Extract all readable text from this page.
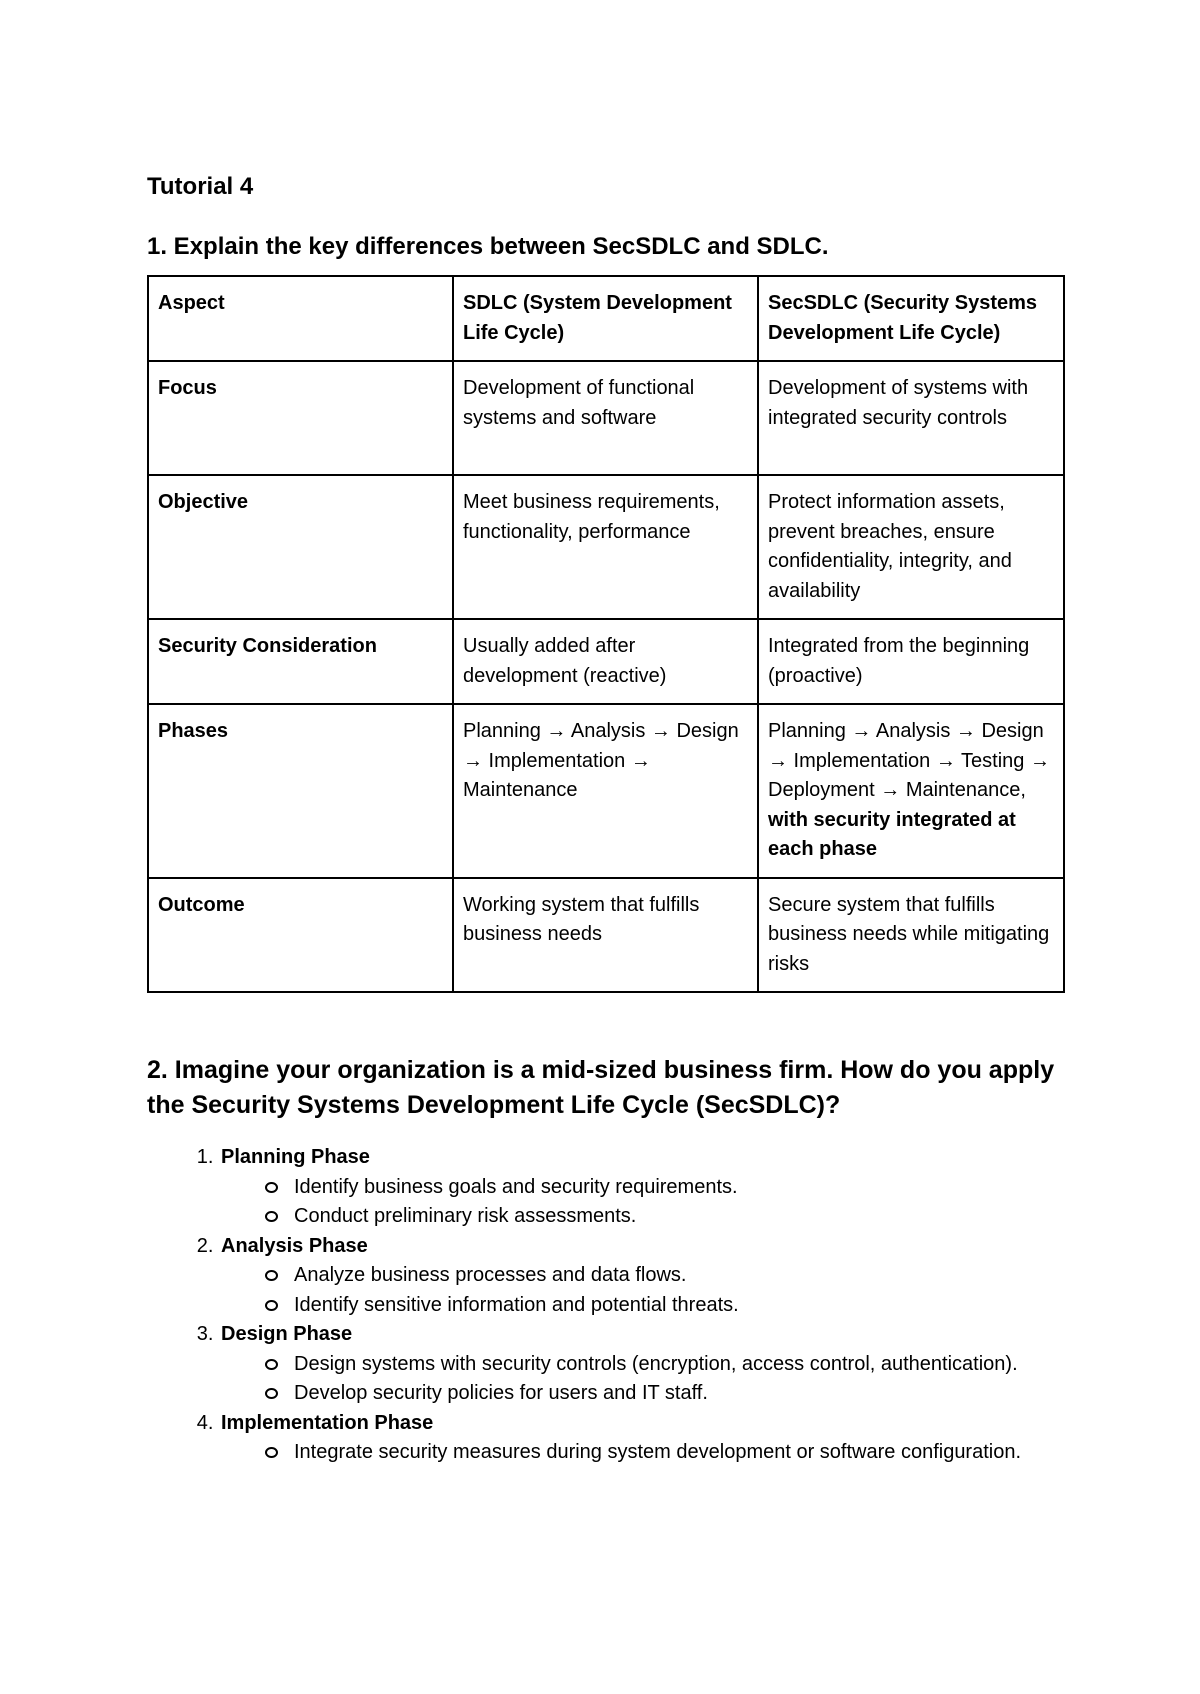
Tutorial 4
1. Explain the key differences between SecSDLC and SDLC.
Aspect	SDLC (System Development Life Cycle)	SecSDLC (Security Systems Development Life Cycle)
Focus	Development of functional systems and software	Development of systems with integrated security controls
Objective	Meet business requirements, functionality, performance	Protect information assets, prevent breaches, ensure confidentiality, integrity, and availability
Security Consideration	Usually added after development (reactive)	Integrated from the beginning (proactive)
Phases	Planning → Analysis → Design → Implementation → Maintenance	Planning → Analysis → Design → Implementation → Testing → Deployment → Maintenance, with security integrated at each phase
Outcome	Working system that fulfills business needs	Secure system that fulfills business needs while mitigating risks
2. Imagine your organization is a mid-sized business firm. How do you apply the Security Systems Development Life Cycle (SecSDLC)?
1. Planning Phase
Identify business goals and security requirements.
Conduct preliminary risk assessments.
2. Analysis Phase
Analyze business processes and data flows.
Identify sensitive information and potential threats.
3. Design Phase
Design systems with security controls (encryption, access control, authentication).
Develop security policies for users and IT staff.
4. Implementation Phase
Integrate security measures during system development or software configuration.
